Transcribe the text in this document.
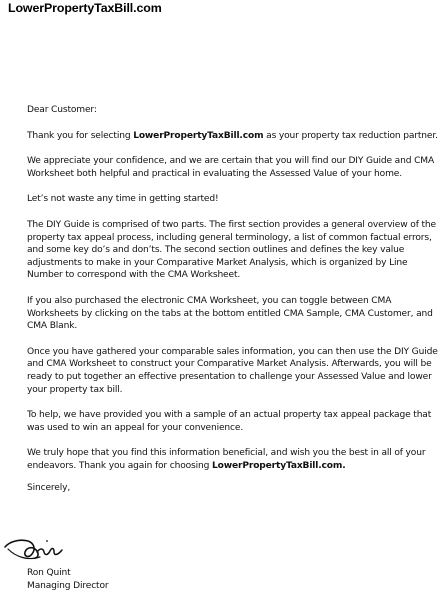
LowerPropertyTaxBill.com

Dear Customer:

Thank you for selecting LowerPropertyTaxBill.com as your property tax reduction partner.

We appreciate your confidence, and we are certain that you will find our DIY Guide and CMA Worksheet both helpful and practical in evaluating the Assessed Value of your home.

Let’s not waste any time in getting started!

The DIY Guide is comprised of two parts. The first section provides a general overview of the property tax appeal process, including general terminology, a list of common factual errors, and some key do’s and don’ts. The second section outlines and defines the key value adjustments to make in your Comparative Market Analysis, which is organized by Line Number to correspond with the CMA Worksheet.

If you also purchased the electronic CMA Worksheet, you can toggle between CMA Worksheets by clicking on the tabs at the bottom entitled CMA Sample, CMA Customer, and CMA Blank.

Once you have gathered your comparable sales information, you can then use the DIY Guide and CMA Worksheet to construct your Comparative Market Analysis. Afterwards, you will be ready to put together an effective presentation to challenge your Assessed Value and lower your property tax bill.

To help, we have provided you with a sample of an actual property tax appeal package that was used to win an appeal for your convenience.

We truly hope that you find this information beneficial, and wish you the best in all of your endeavors. Thank you again for choosing LowerPropertyTaxBill.com.

Sincerely,

Ron Quint
Managing Director
